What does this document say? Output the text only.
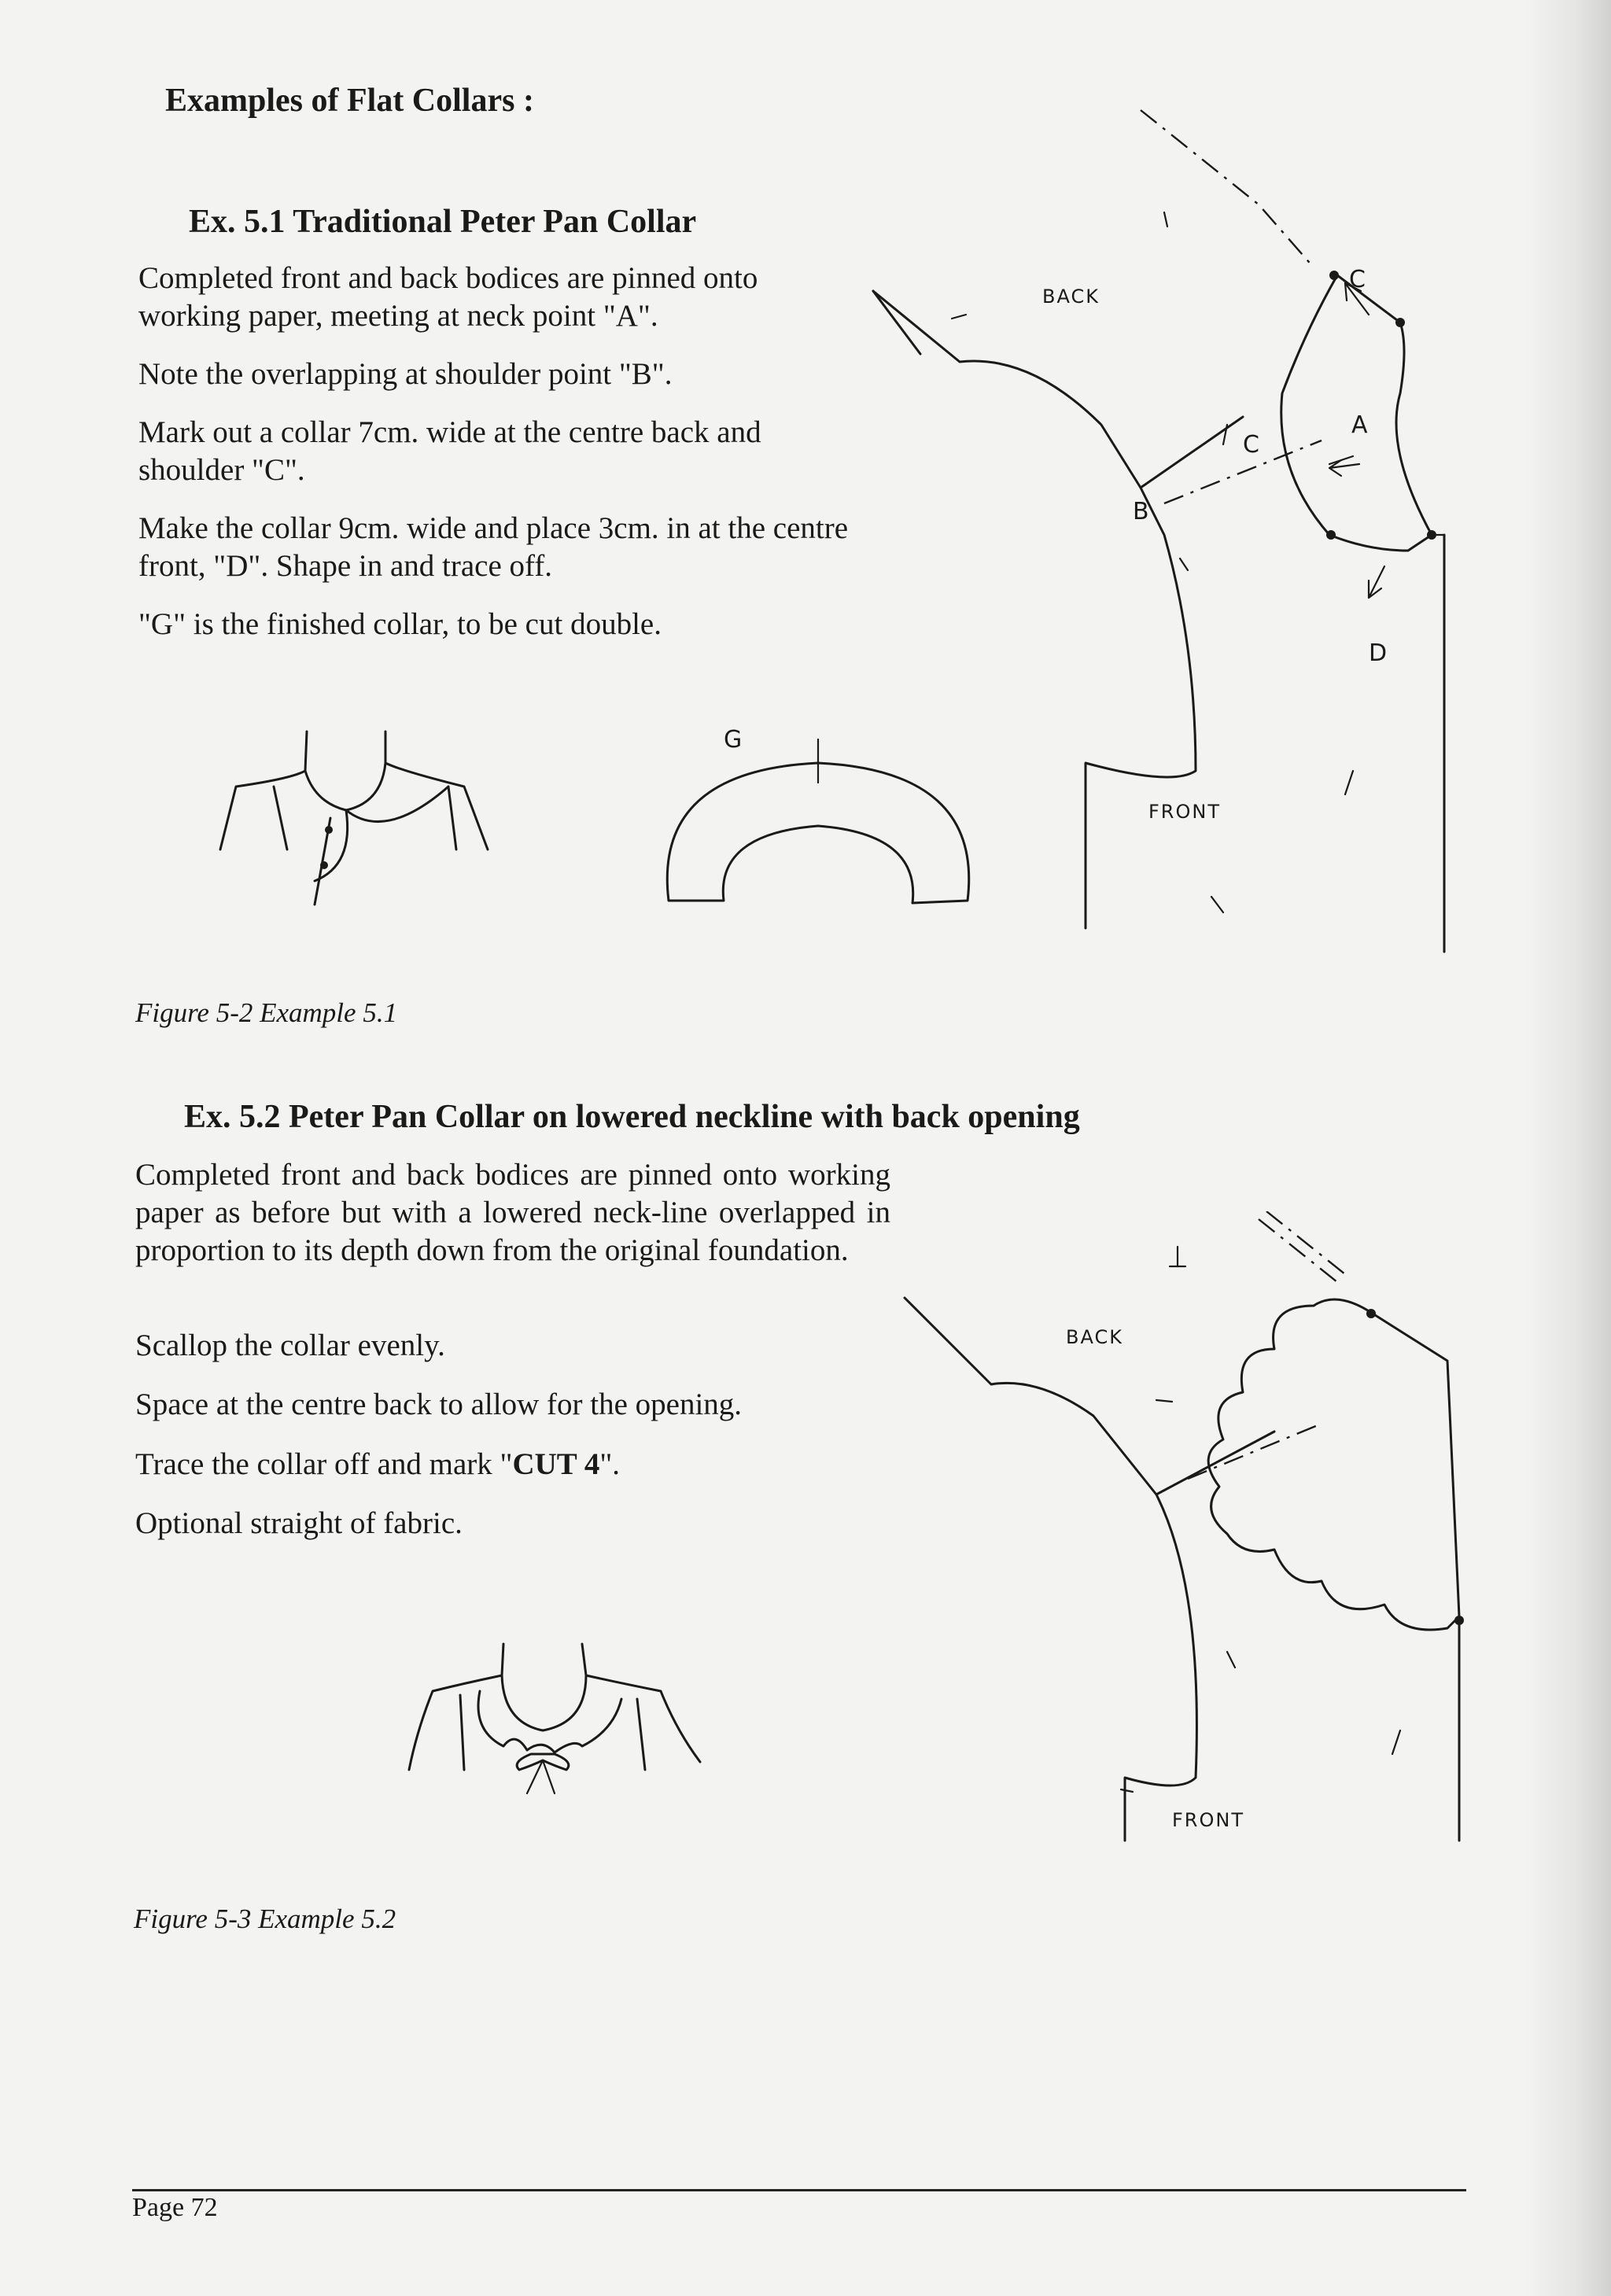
Examples of Flat Collars :

Ex. 5.1 Traditional Peter Pan Collar

Completed front and back bodices are pinned onto working paper, meeting at neck point "A".

Note the overlapping at shoulder point "B".

Mark out a collar 7cm. wide at the centre back and shoulder "C".

Make the collar 9cm. wide and place 3cm. in at the centre front, "D". Shape in and trace off.

"G" is the finished collar, to be cut double.

G
BACK
FRONT
C
C
A
B
D

Figure 5-2 Example 5.1

Ex. 5.2 Peter Pan Collar on lowered neckline with back opening

Completed front and back bodices are pinned onto working paper as before but with a lowered neck-line overlapped in proportion to its depth down from the original foundation.

Scallop the collar evenly.

Space at the centre back to allow for the opening.

Trace the collar off and mark "CUT 4".

Optional straight of fabric.

BACK
FRONT

Figure 5-3 Example 5.2

Page 72
